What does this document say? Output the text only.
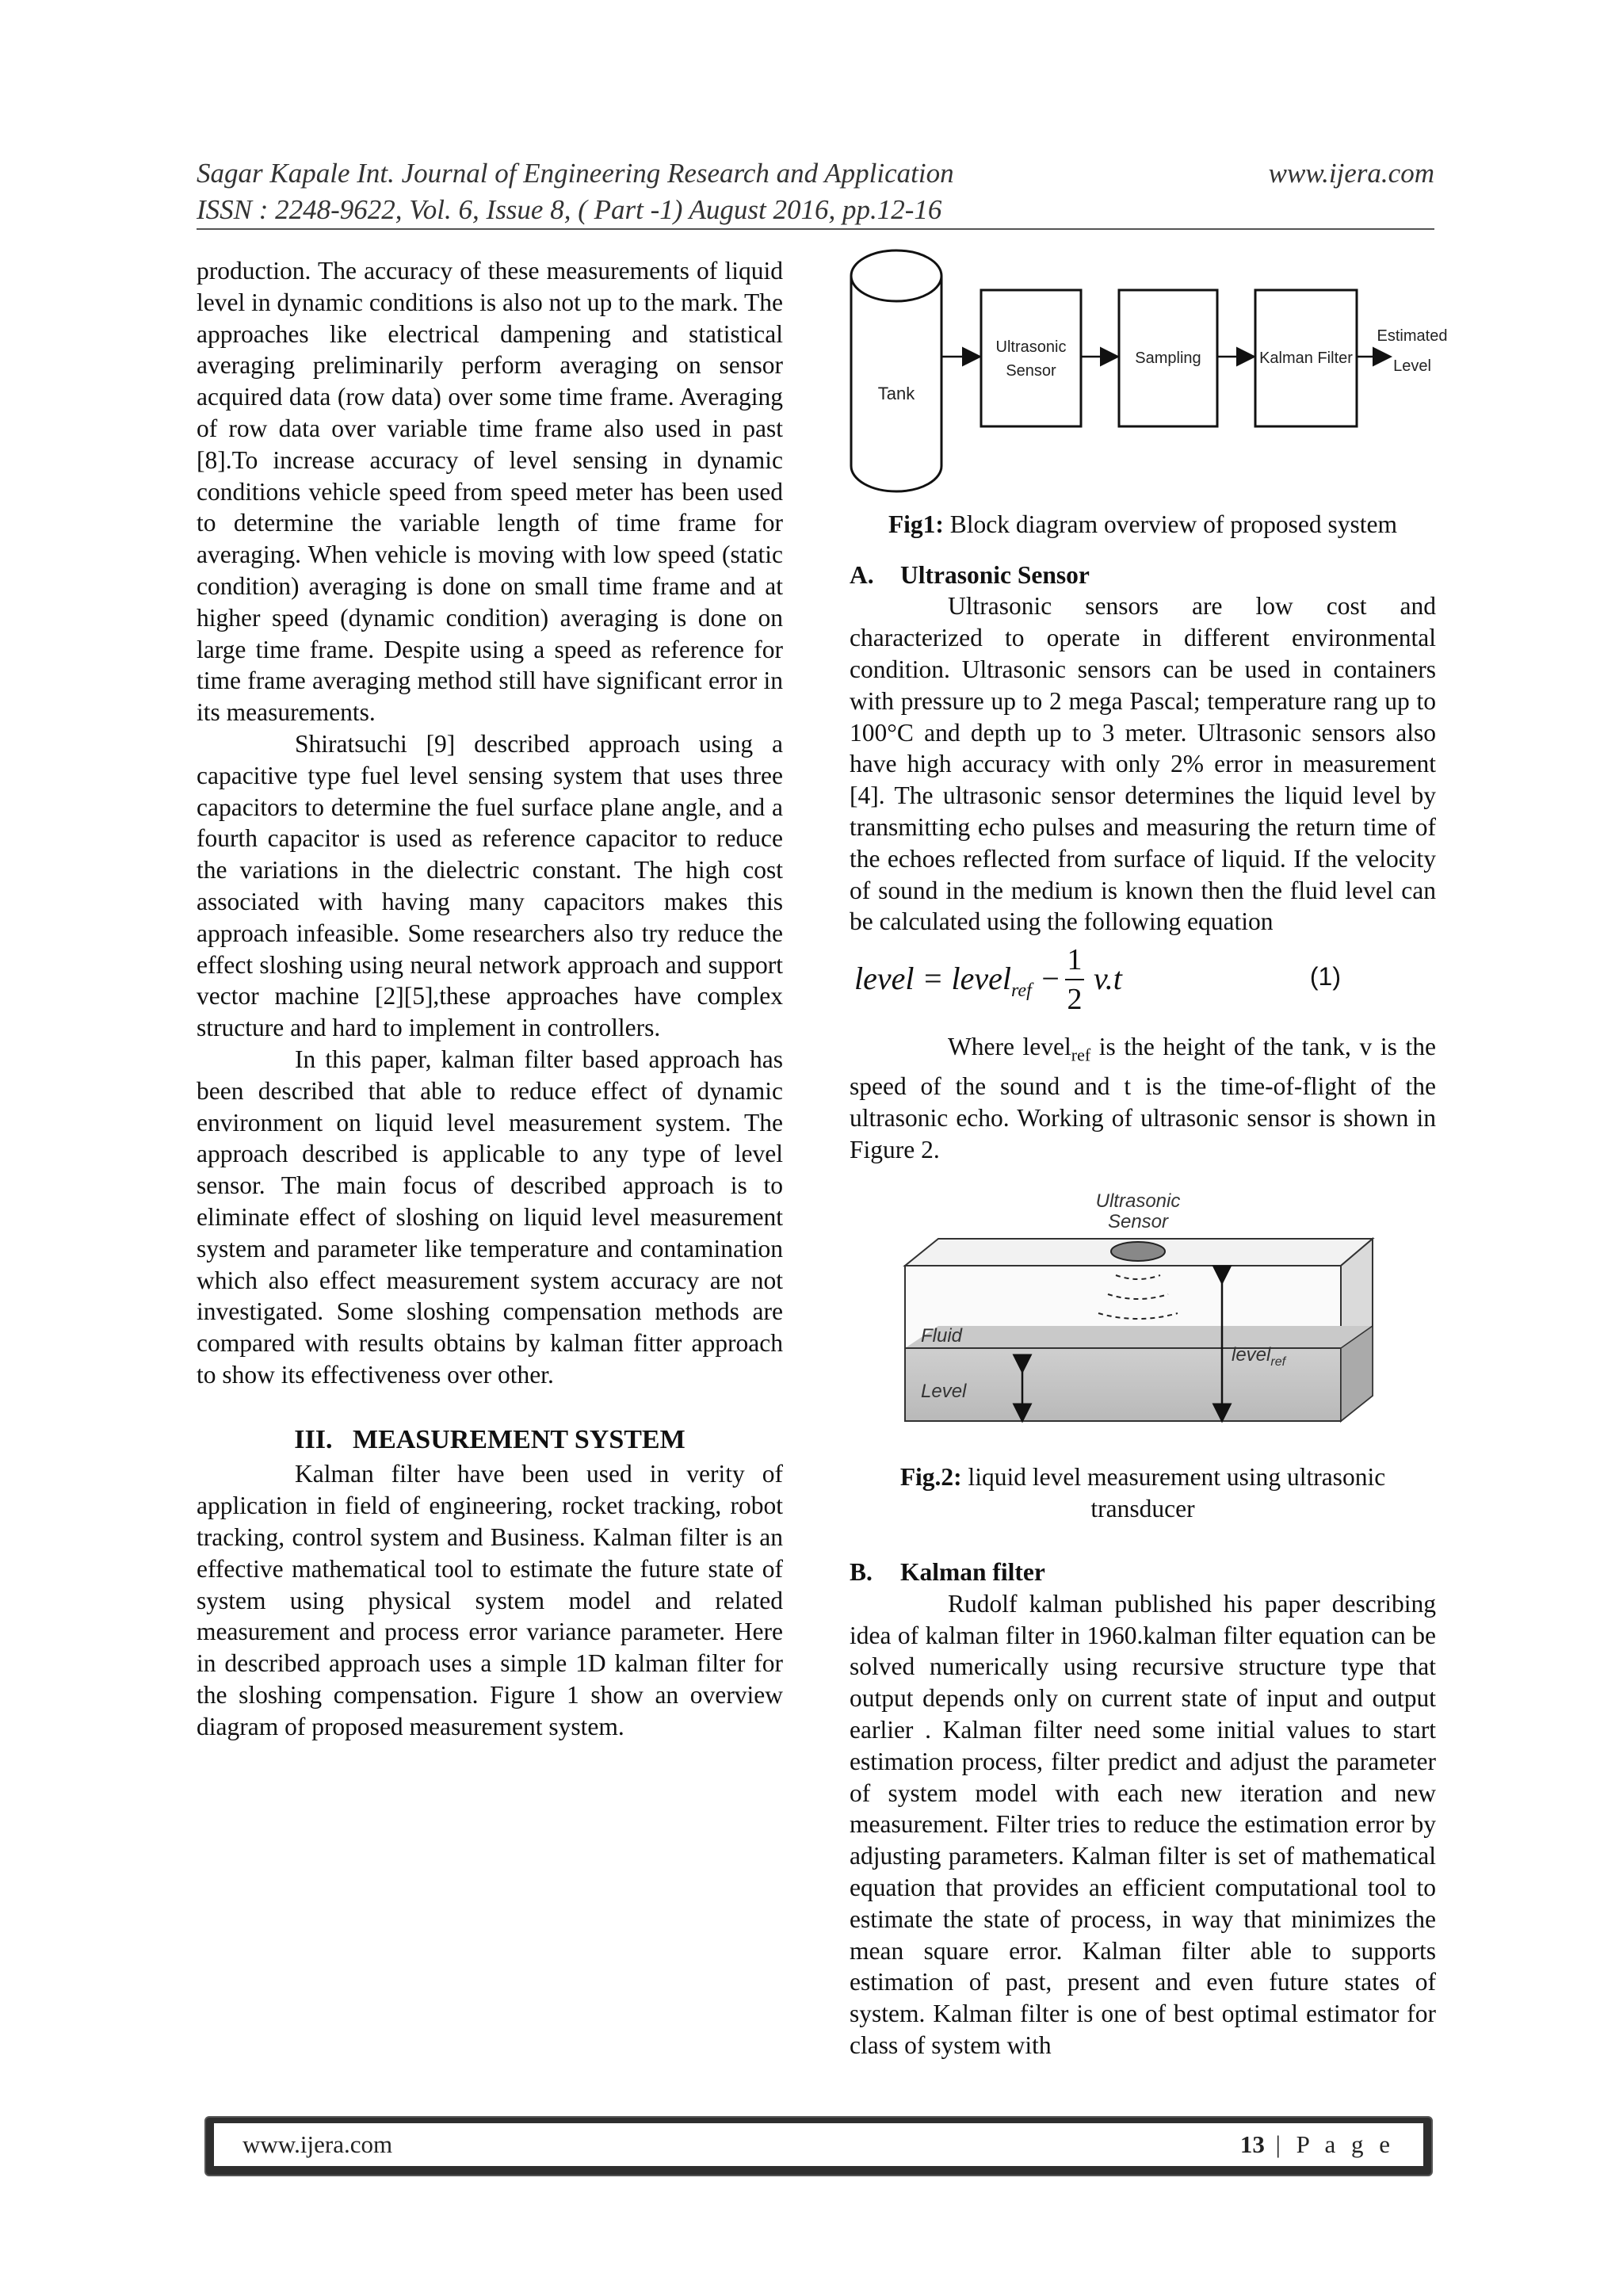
Sagar Kapale Int. Journal of Engineering Research and Application	www.ijera.com
ISSN : 2248-9622, Vol. 6, Issue 8, ( Part -1) August 2016, pp.12-16

production. The accuracy of these measurements of liquid level in dynamic conditions is also not up to the mark. The approaches like electrical dampening and statistical averaging preliminarily perform averaging on sensor acquired data (row data) over some time frame. Averaging of row data over variable time frame also used in past [8].To increase accuracy of level sensing in dynamic conditions vehicle speed from speed meter has been used to determine the variable length of time frame for averaging. When vehicle is moving with low speed (static condition) averaging is done on small time frame and at higher speed (dynamic condition) averaging is done on large time frame. Despite using a speed as reference for time frame averaging method still have significant error in its measurements.

Shiratsuchi [9] described approach using a capacitive type fuel level sensing system that uses three capacitors to determine the fuel surface plane angle, and a fourth capacitor is used as reference capacitor to reduce the variations in the dielectric constant. The high cost associated with having many capacitors makes this approach infeasible. Some researchers also try reduce the effect sloshing using neural network approach and support vector machine [2][5],these approaches have complex structure and hard to implement in controllers.

In this paper, kalman filter based approach has been described that able to reduce effect of dynamic environment on liquid level measurement system. The approach described is applicable to any type of level sensor. The main focus of described approach is to eliminate effect of sloshing on liquid level measurement system and parameter like temperature and contamination which also effect measurement system accuracy are not investigated. Some sloshing compensation methods are compared with results obtains by kalman fitter approach to show its effectiveness over other.

III.   MEASUREMENT SYSTEM

Kalman filter have been used in verity of application in field of engineering, rocket tracking, robot tracking, control system and Business. Kalman filter is an effective mathematical tool to estimate the future state of system using physical system model and related measurement and process error variance parameter. Here in described approach uses a simple 1D kalman filter for the sloshing compensation. Figure 1 show an overview diagram of proposed measurement system.

Tank
Ultrasonic
Sensor
Sampling	Kalman Filter
Estimated
Level
Fig1: Block diagram overview of proposed system

A. Ultrasonic Sensor

Ultrasonic sensors are low cost and characterized to operate in different environmental condition. Ultrasonic sensors can be used in containers with pressure up to 2 mega Pascal; temperature rang up to 100°C and depth up to 3 meter. Ultrasonic sensors also have high accuracy with only 2% error in measurement [4]. The ultrasonic sensor determines the liquid level by transmitting echo pulses and measuring the return time of the echoes reflected from surface of liquid. If the velocity of sound in the medium is known then the fluid level can be calculated using the following equation

level = level$_{ref}$ − $\frac{1}{2} v.t$	(1)

Where level$_{ref}$ is the height of the tank, v is the speed of the sound and t is the time-of-flight of the ultrasonic echo. Working of ultrasonic sensor is shown in Figure 2.

Ultrasonic
Sensor
Fluid
Level
level$_{ref}$
Fig.2: liquid level measurement using ultrasonic transducer

B. Kalman filter

Rudolf kalman published his paper describing idea of kalman filter in 1960.kalman filter equation can be solved numerically using recursive structure type that output depends only on current state of input and output earlier . Kalman filter need some initial values to start estimation process, filter predict and adjust the parameter of system model with each new iteration and new measurement. Filter tries to reduce the estimation error by adjusting parameters. Kalman filter is set of mathematical equation that provides an efficient computational tool to estimate the state of process, in way that minimizes the mean square error. Kalman filter able to supports estimation of past, present and even future states of system. Kalman filter is one of best optimal estimator for class of system with

www.ijera.com	13 | P a g e
